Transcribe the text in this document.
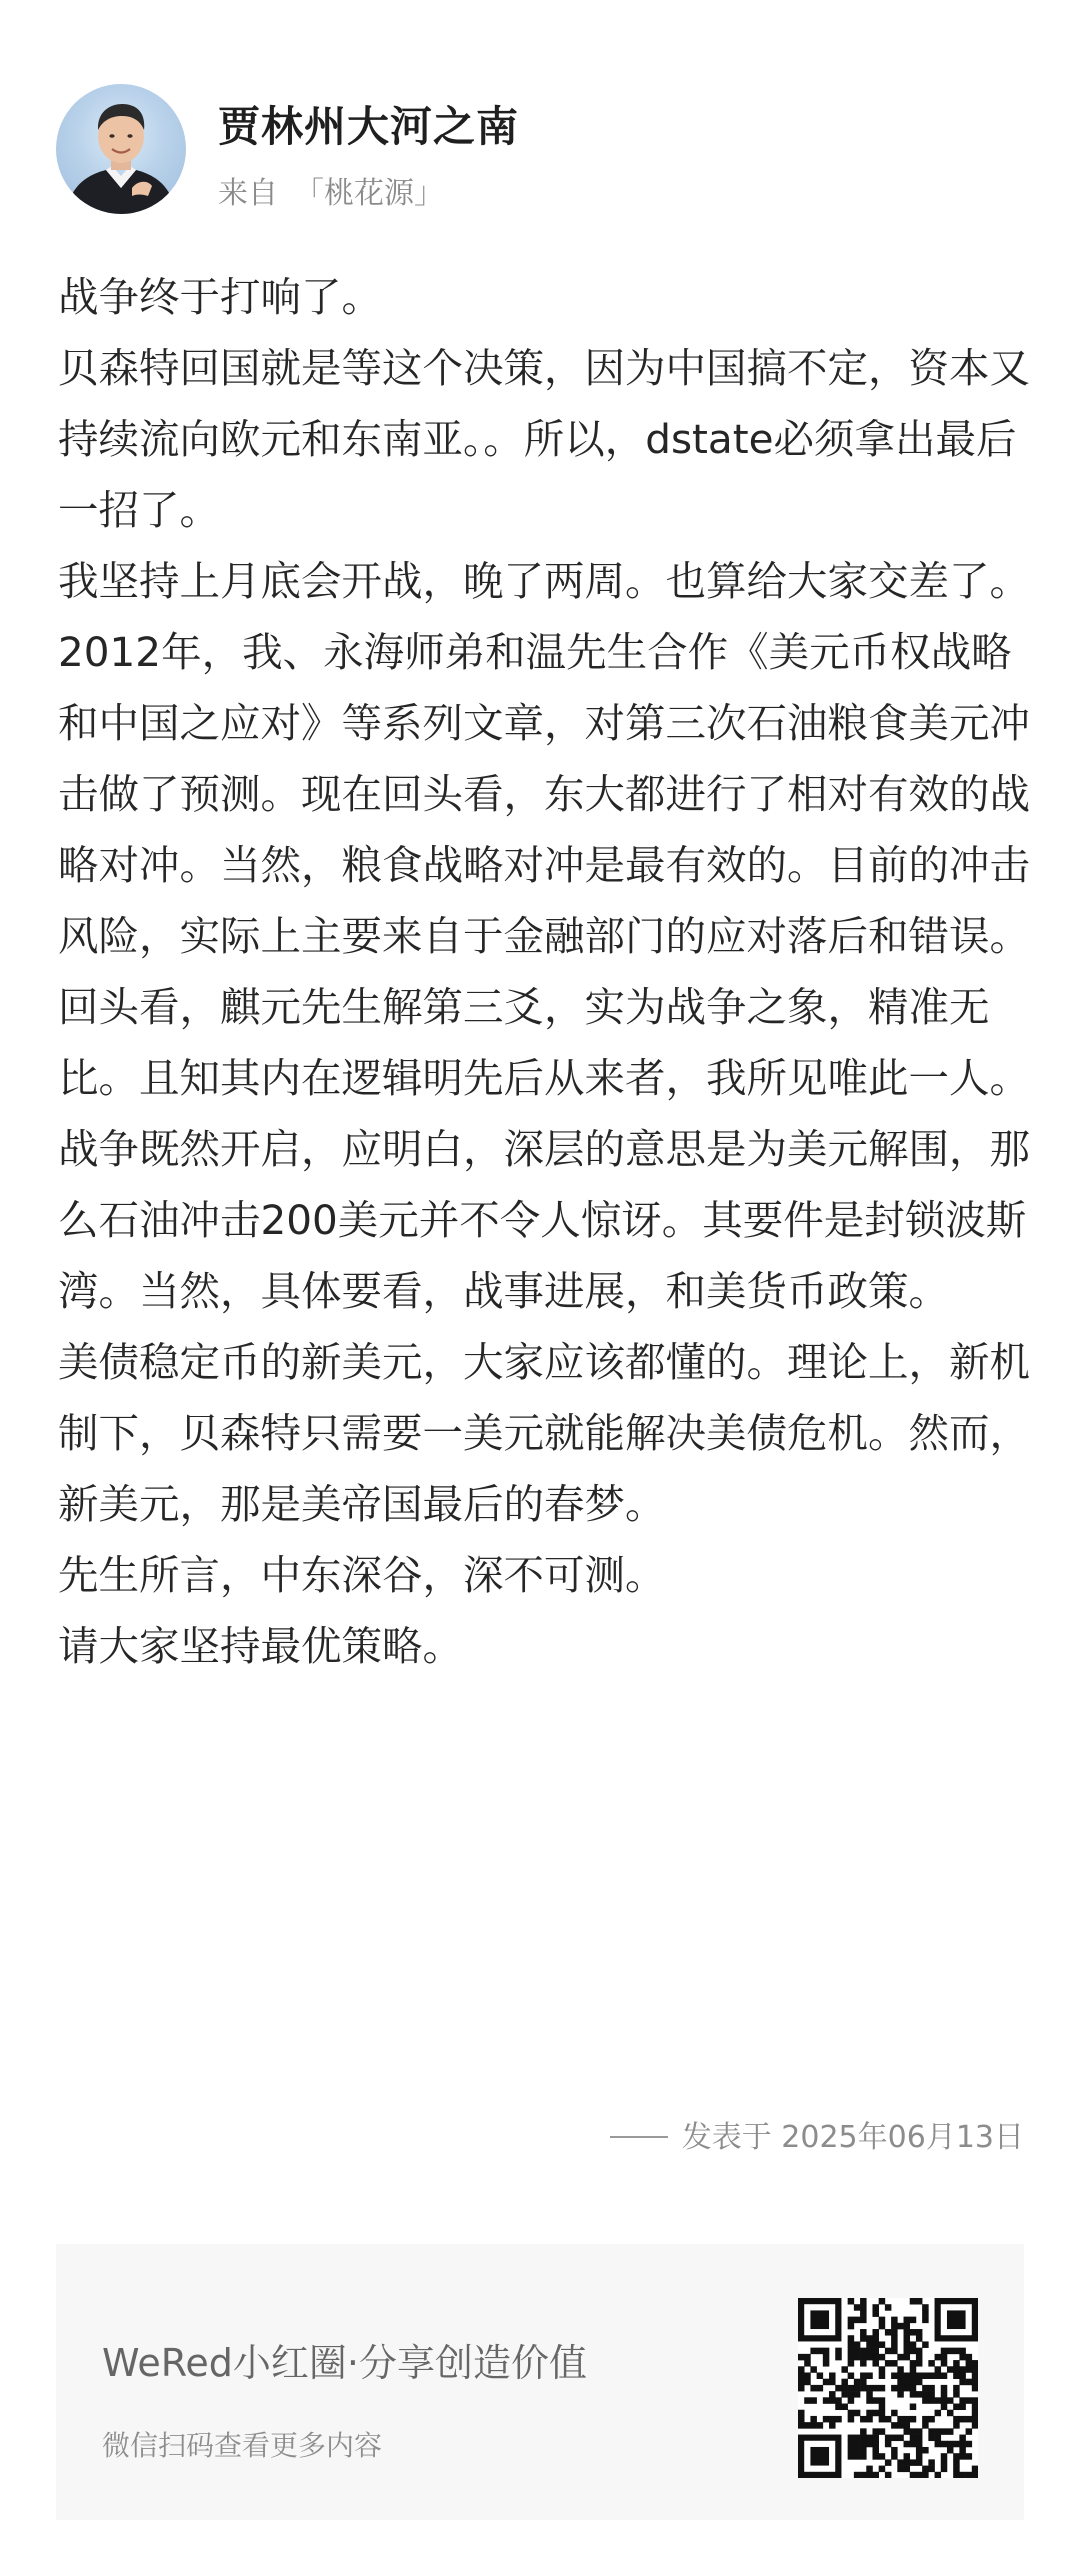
贾林州大河之南
来自 「桃花源」

战争终于打响了。

贝森特回国就是等这个决策，因为中国搞不定，资本又持续流向欧元和东南亚。。所以，dstate必须拿出最后一招了。

我坚持上月底会开战，晚了两周。也算给大家交差了。

2012年，我、永海师弟和温先生合作《美元币权战略和中国之应对》等系列文章，对第三次石油粮食美元冲击做了预测。现在回头看，东大都进行了相对有效的战略对冲。当然，粮食战略对冲是最有效的。目前的冲击风险，实际上主要来自于金融部门的应对落后和错误。

回头看，麒元先生解第三爻，实为战争之象，精准无比。且知其内在逻辑明先后从来者，我所见唯此一人。

战争既然开启，应明白，深层的意思是为美元解围，那么石油冲击200美元并不令人惊讶。其要件是封锁波斯湾。当然，具体要看，战事进展，和美货币政策。

美债稳定币的新美元，大家应该都懂的。理论上，新机制下，贝森特只需要一美元就能解决美债危机。然而，新美元，那是美帝国最后的春梦。

先生所言，中东深谷，深不可测。

请大家坚持最优策略。

发表于 2025年06月13日
WeRed小红圈·分享创造价值
微信扫码查看更多内容
